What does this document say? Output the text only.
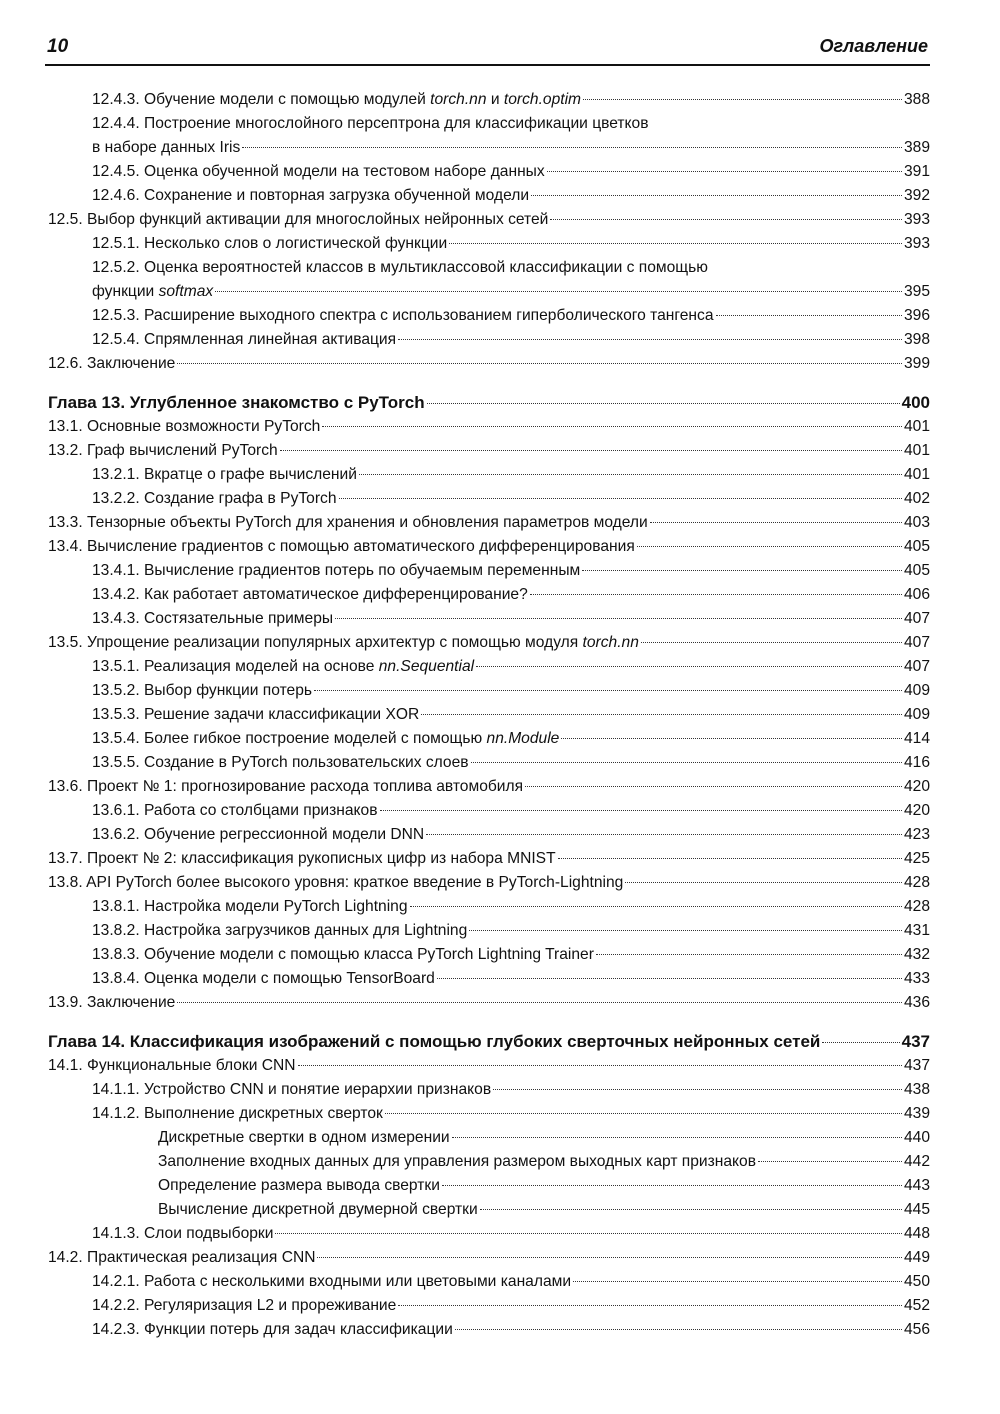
10	Оглавление
12.4.3. Обучение модели с помощью модулей torch.nn и torch.optim	388
12.4.4. Построение многослойного персептрона для классификации цветков
в наборе данных Iris	389
12.4.5. Оценка обученной модели на тестовом наборе данных	391
12.4.6. Сохранение и повторная загрузка обученной модели	392
12.5. Выбор функций активации для многослойных нейронных сетей	393
12.5.1. Несколько слов о логистической функции	393
12.5.2. Оценка вероятностей классов в мультиклассовой классификации с помощью
функции softmax	395
12.5.3. Расширение выходного спектра с использованием гиперболического тангенса	396
12.5.4. Спрямленная линейная активация	398
12.6. Заключение	399
Глава 13. Углубленное знакомство с PyTorch	400
13.1. Основные возможности PyTorch	401
13.2. Граф вычислений PyTorch	401
13.2.1. Вкратце о графе вычислений	401
13.2.2. Создание графа в PyTorch	402
13.3. Тензорные объекты PyTorch для хранения и обновления параметров модели	403
13.4. Вычисление градиентов с помощью автоматического дифференцирования	405
13.4.1. Вычисление градиентов потерь по обучаемым переменным	405
13.4.2. Как работает автоматическое дифференцирование?	406
13.4.3. Состязательные примеры	407
13.5. Упрощение реализации популярных архитектур с помощью модуля torch.nn	407
13.5.1. Реализация моделей на основе nn.Sequential	407
13.5.2. Выбор функции потерь	409
13.5.3. Решение задачи классификации XOR	409
13.5.4. Более гибкое построение моделей с помощью nn.Module	414
13.5.5. Создание в PyTorch пользовательских слоев	416
13.6. Проект № 1: прогнозирование расхода топлива автомобиля	420
13.6.1. Работа со столбцами признаков	420
13.6.2. Обучение регрессионной модели DNN	423
13.7. Проект № 2: классификация рукописных цифр из набора MNIST	425
13.8. API PyTorch более высокого уровня: краткое введение в PyTorch-Lightning	428
13.8.1. Настройка модели PyTorch Lightning	428
13.8.2. Настройка загрузчиков данных для Lightning	431
13.8.3. Обучение модели с помощью класса PyTorch Lightning Trainer	432
13.8.4. Оценка модели с помощью TensorBoard	433
13.9. Заключение	436
Глава 14. Классификация изображений с помощью глубоких сверточных нейронных сетей	437
14.1. Функциональные блоки CNN	437
14.1.1. Устройство CNN и понятие иерархии признаков	438
14.1.2. Выполнение дискретных сверток	439
Дискретные свертки в одном измерении	440
Заполнение входных данных для управления размером выходных карт признаков	442
Определение размера вывода свертки	443
Вычисление дискретной двумерной свертки	445
14.1.3. Слои подвыборки	448
14.2. Практическая реализация CNN	449
14.2.1. Работа с несколькими входными или цветовыми каналами	450
14.2.2. Регуляризация L2 и прореживание	452
14.2.3. Функции потерь для задач классификации	456
